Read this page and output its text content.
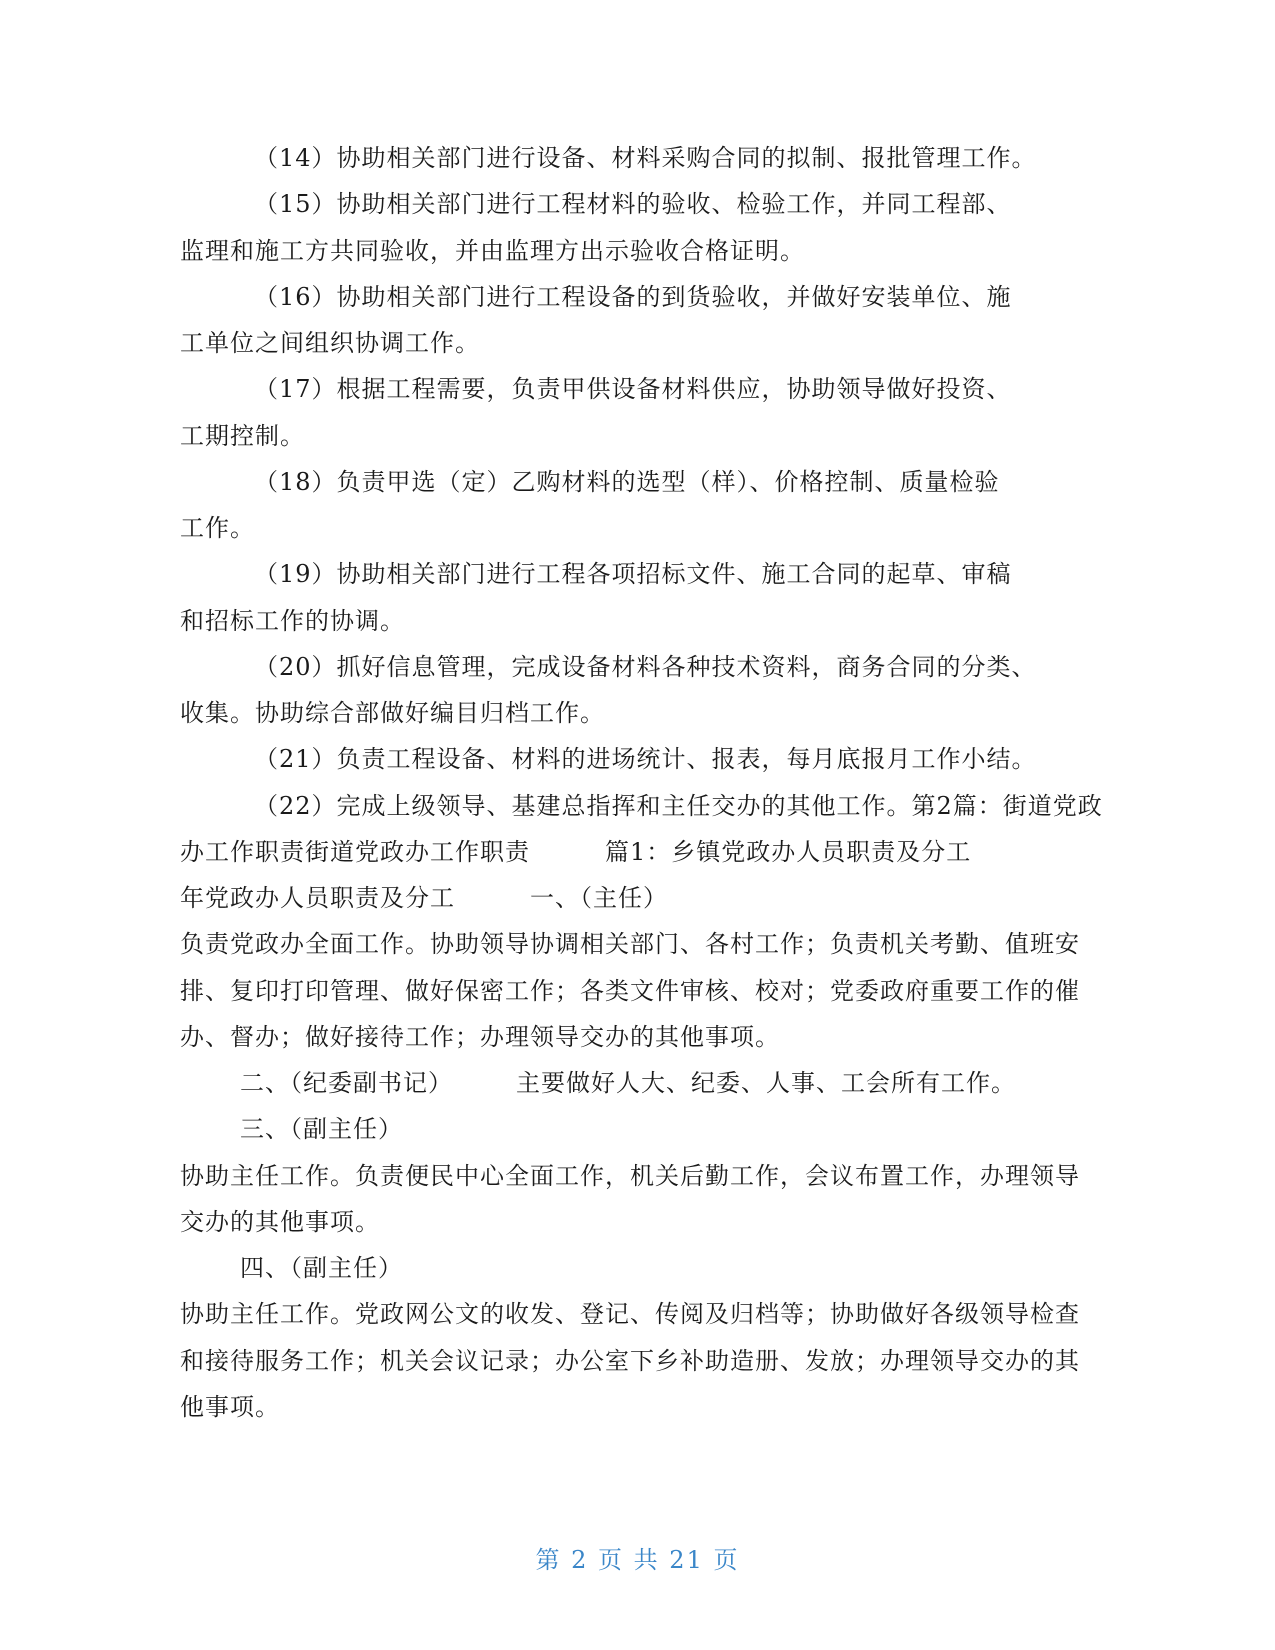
（14）协助相关部门进行设备、材料采购合同的拟制、报批管理工作。
（15）协助相关部门进行工程材料的验收、检验工作，并同工程部、
监理和施工方共同验收，并由监理方出示验收合格证明。
（16）协助相关部门进行工程设备的到货验收，并做好安装单位、施
工单位之间组织协调工作。
（17）根据工程需要，负责甲供设备材料供应，协助领导做好投资、
工期控制。
（18）负责甲选（定）乙购材料的选型（样）、价格控制、质量检验
工作。
（19）协助相关部门进行工程各项招标文件、施工合同的起草、审稿
和招标工作的协调。
（20）抓好信息管理，完成设备材料各种技术资料，商务合同的分类、
收集。协助综合部做好编目归档工作。
（21）负责工程设备、材料的进场统计、报表，每月底报月工作小结。
（22）完成上级领导、基建总指挥和主任交办的其他工作。第2篇：街道党政
办工作职责街道党政办工作职责　　　篇1：乡镇党政办人员职责及分工
年党政办人员职责及分工　　　一、（主任）
负责党政办全面工作。协助领导协调相关部门、各村工作；负责机关考勤、值班安
排、复印打印管理、做好保密工作；各类文件审核、校对；党委政府重要工作的催
办、督办；做好接待工作；办理领导交办的其他事项。
二、（纪委副书记）　　　主要做好人大、纪委、人事、工会所有工作。
三、（副主任）
协助主任工作。负责便民中心全面工作，机关后勤工作，会议布置工作，办理领导
交办的其他事项。
四、（副主任）
协助主任工作。党政网公文的收发、登记、传阅及归档等；协助做好各级领导检查
和接待服务工作；机关会议记录；办公室下乡补助造册、发放；办理领导交办的其
他事项。
第 2 页 共 21 页
